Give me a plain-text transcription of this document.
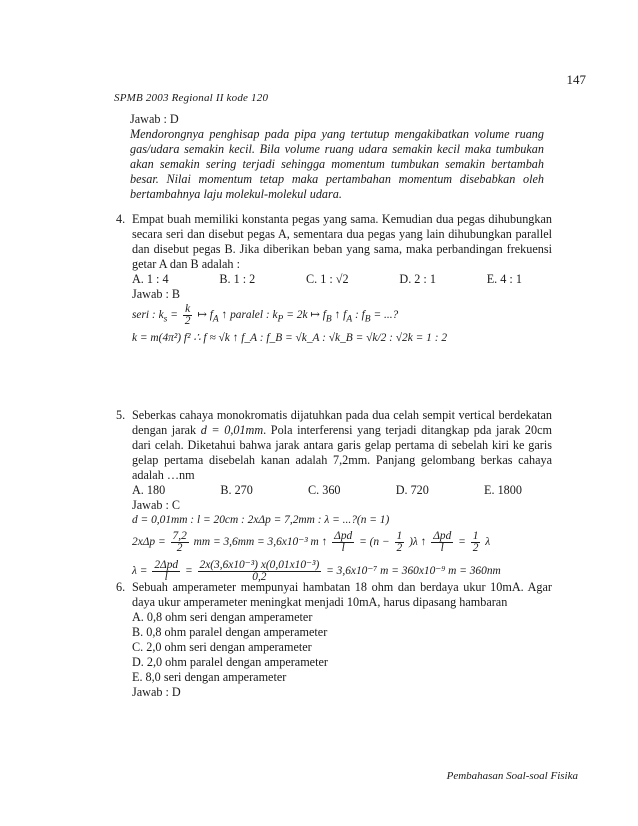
147
SPMB 2003 Regional II kode 120
Jawab : D
Mendorongnya penghisap pada pipa yang tertutup mengakibatkan volume ruang gas/udara semakin kecil. Bila volume ruang udara semakin kecil maka tumbukan akan semakin sering terjadi sehingga momentum tumbukan semakin bertambah besar. Nilai momentum tetap maka pertambahan momentum disebabkan oleh bertambahnya laju molekul-molekul udara.
4. Empat buah memiliki konstanta pegas yang sama. Kemudian dua pegas dihubungkan secara seri dan disebut pegas A, sementara dua pegas yang lain dihubungkan parallel dan disebut pegas B. Jika diberikan beban yang sama, maka perbandingan frekuensi getar A dan B adalah :
A. 1 : 4	B. 1 : 2	C. 1 : √2	D. 2 : 1	E. 4 : 1
Jawab : B
seri : $k_s = \frac{k}{2}$ ↦ $f_A$ ↑ paralel : $k_P = 2k$ ↦ $f_B$ ↑ $f_A$ : $f_B$ = ...?
k = m(4π²) f² ∴ f ≈ √k ↑ f_A : f_B = √k_A : √k_B = √k/2 : √2k = 1 : 2
5. Seberkas cahaya monokromatis dijatuhkan pada dua celah sempit vertical berdekatan dengan jarak d = 0,01mm. Pola interferensi yang terjadi ditangkap pda jarak 20cm dari celah. Diketahui bahwa jarak antara garis gelap pertama di sebelah kiri ke garis gelap pertama disebelah kanan adalah 7,2mm. Panjang gelombang berkas cahaya adalah …nm
A. 180	B. 270	C. 360	D. 720	E. 1800
Jawab : C
d = 0,01mm : l = 20cm : 2xΔp = 7,2mm : λ = ...?(n = 1)
$2x\Delta p = \frac{7,2}{2}$ mm = 3,6mm = 3,6x10⁻³ m ↑ $\frac{\text{Δpd}}{l} = (n - \frac{1}{2} )\lambda$ ↑ $\frac{\text{Δpd}}{l} = \frac{1}{2}$ λ
$\lambda = \frac{\text{2Δpd}}{l} = \frac{\text{2x(3,6x10⁻³) x(0,01x10⁻³)}}{0,2} = 3,6x10^{-7}$ m = 360x10⁻⁹ m = 360nm
6. Sebuah amperameter mempunyai hambatan 18 ohm dan berdaya ukur 10mA. Agar daya ukur amperameter meningkat menjadi 10mA, harus dipasang hambaran
A. 0,8 ohm seri dengan amperameter
B. 0,8 ohm paralel dengan amperameter
C. 2,0 ohm seri dengan amperameter
D. 2,0 ohm paralel dengan amperameter
E. 8,0 seri dengan amperameter
Jawab : D
Pembahasan Soal-soal Fisika
